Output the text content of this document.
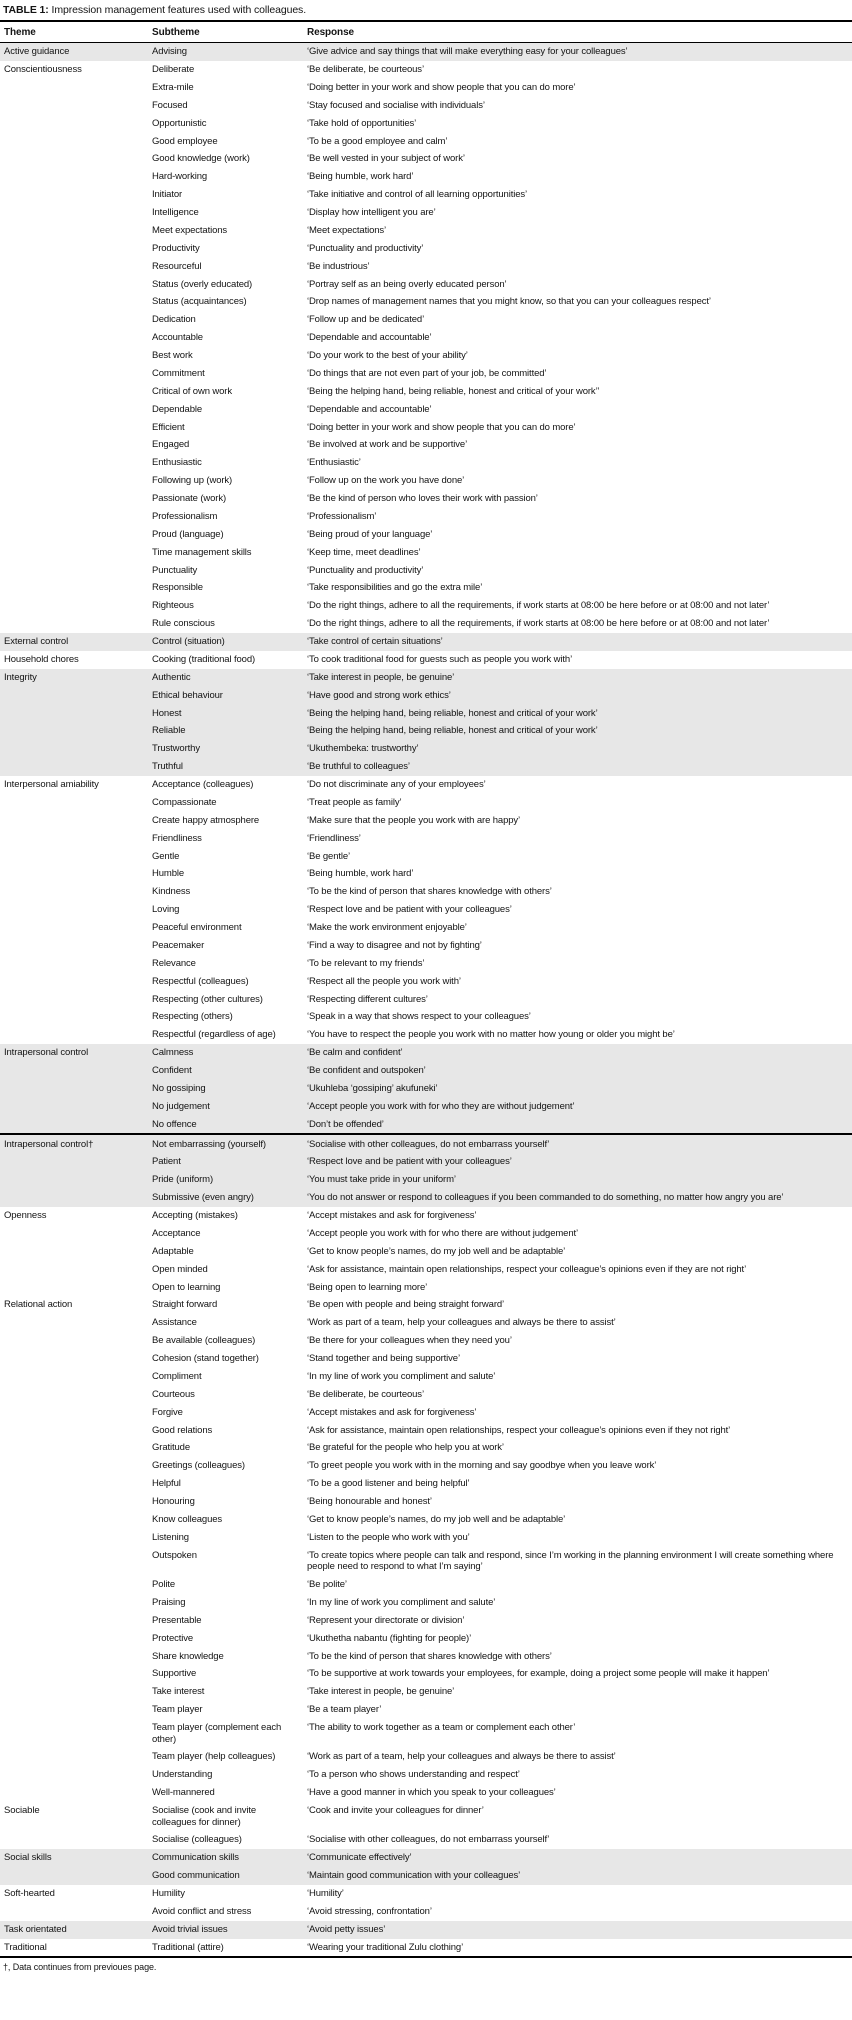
TABLE 1: Impression management features used with colleagues.
Theme	Subtheme	Response
Active guidance	Advising	‘Give advice and say things that will make everything easy for your colleagues’
Conscientiousness	Deliberate	‘Be deliberate, be courteous’
	Extra-mile	‘Doing better in your work and show people that you can do more’
	Focused	‘Stay focused and socialise with individuals’
	Opportunistic	‘Take hold of opportunities’
	Good employee	‘To be a good employee and calm’
	Good knowledge (work)	‘Be well vested in your subject of work’
	Hard-working	‘Being humble, work hard’
	Initiator	‘Take initiative and control of all learning opportunities’
	Intelligence	‘Display how intelligent you are’
	Meet expectations	‘Meet expectations’
	Productivity	‘Punctuality and productivity’
	Resourceful	‘Be industrious’
	Status (overly educated)	‘Portray self as an being overly educated person’
	Status (acquaintances)	‘Drop names of management names that you might know, so that you can your colleagues respect’
	Dedication	‘Follow up and be dedicated’
	Accountable	‘Dependable and accountable’
	Best work	‘Do your work to the best of your ability’
	Commitment	‘Do things that are not even part of your job, be committed’
	Critical of own work	‘Being the helping hand, being reliable, honest and critical of your work’’
	Dependable	‘Dependable and accountable’
	Efficient	‘Doing better in your work and show people that you can do more’
	Engaged	‘Be involved at work and be supportive’
	Enthusiastic	‘Enthusiastic’
	Following up (work)	‘Follow up on the work you have done’
	Passionate (work)	‘Be the kind of person who loves their work with passion’
	Professionalism	‘Professionalism’
	Proud (language)	‘Being proud of your language’
	Time management skills	‘Keep time, meet deadlines’
	Punctuality	‘Punctuality and productivity’
	Responsible	‘Take responsibilities and go the extra mile’
	Righteous	‘Do the right things, adhere to all the requirements, if work starts at 08:00 be here before or at 08:00 and not later’
	Rule conscious	‘Do the right things, adhere to all the requirements, if work starts at 08:00 be here before or at 08:00 and not later’
External control	Control (situation)	‘Take control of certain situations’
Household chores	Cooking (traditional food)	‘To cook traditional food for guests such as people you work with’
Integrity	Authentic	‘Take interest in people, be genuine’
	Ethical behaviour	‘Have good and strong work ethics’
	Honest	‘Being the helping hand, being reliable, honest and critical of your work’
	Reliable	‘Being the helping hand, being reliable, honest and critical of your work’
	Trustworthy	‘Ukuthembeka: trustworthy’
	Truthful	‘Be truthful to colleagues’
Interpersonal amiability	Acceptance (colleagues)	‘Do not discriminate any of your employees’
	Compassionate	‘Treat people as family’
	Create happy atmosphere	‘Make sure that the people you work with are happy’
	Friendliness	‘Friendliness’
	Gentle	‘Be gentle’
	Humble	‘Being humble, work hard’
	Kindness	‘To be the kind of person that shares knowledge with others’
	Loving	‘Respect love and be patient with your colleagues’
	Peaceful environment	‘Make the work environment enjoyable’
	Peacemaker	‘Find a way to disagree and not by fighting’
	Relevance	‘To be relevant to my friends’
	Respectful (colleagues)	‘Respect all the people you work with’
	Respecting (other cultures)	‘Respecting different cultures’
	Respecting (others)	‘Speak in a way that shows respect to your colleagues’
	Respectful (regardless of age)	‘You have to respect the people you work with no matter how young or older you might be’
Intrapersonal control	Calmness	‘Be calm and confident’
	Confident	‘Be confident and outspoken’
	No gossiping	‘Ukuhleba ‘gossiping’ akufuneki’
	No judgement	‘Accept people you work with for who they are without judgement’
	No offence	‘Don’t be offended’
Intrapersonal control†	Not embarrassing (yourself)	‘Socialise with other colleagues, do not embarrass yourself’
	Patient	‘Respect love and be patient with your colleagues’
	Pride (uniform)	‘You must take pride in your uniform’
	Submissive (even angry)	‘You do not answer or respond to colleagues if you been commanded to do something, no matter how angry you are’
Openness	Accepting (mistakes)	‘Accept mistakes and ask for forgiveness’
	Acceptance	‘Accept people you work with for who there are without judgement’
	Adaptable	‘Get to know people’s names, do my job well and be adaptable’
	Open minded	‘Ask for assistance, maintain open relationships, respect your colleague’s opinions even if they are not right’
	Open to learning	‘Being open to learning more’
Relational action	Straight forward	‘Be open with people and being straight forward’
	Assistance	‘Work as part of a team, help your colleagues and always be there to assist’
	Be available (colleagues)	‘Be there for your colleagues when they need you’
	Cohesion (stand together)	‘Stand together and being supportive’
	Compliment	‘In my line of work you compliment and salute’
	Courteous	‘Be deliberate, be courteous’
	Forgive	‘Accept mistakes and ask for forgiveness’
	Good relations	‘Ask for assistance, maintain open relationships, respect your colleague’s opinions even if they not right’
	Gratitude	‘Be grateful for the people who help you at work’
	Greetings (colleagues)	‘To greet people you work with in the morning and say goodbye when you leave work’
	Helpful	‘To be a good listener and being helpful’
	Honouring	‘Being honourable and honest’
	Know colleagues	‘Get to know people’s names, do my job well and be adaptable’
	Listening	‘Listen to the people who work with you’
	Outspoken	‘To create topics where people can talk and respond, since I’m working in the planning environment I will create something where people need to respond to what I’m saying’
	Polite	‘Be polite’
	Praising	‘In my line of work you compliment and salute’
	Presentable	‘Represent your directorate or division’
	Protective	‘Ukuthetha nabantu (fighting for people)’
	Share knowledge	‘To be the kind of person that shares knowledge with others’
	Supportive	‘To be supportive at work towards your employees, for example, doing a project some people will make it happen’
	Take interest	‘Take interest in people, be genuine’
	Team player	‘Be a team player’
	Team player (complement each other)	‘The ability to work together as a team or complement each other’
	Team player (help colleagues)	‘Work as part of a team, help your colleagues and always be there to assist’
	Understanding	‘To a person who shows understanding and respect’
	Well-mannered	‘Have a good manner in which you speak to your colleagues’
Sociable	Socialise (cook and invite colleagues for dinner)	‘Cook and invite your colleagues for dinner’
	Socialise (colleagues)	‘Socialise with other colleagues, do not embarrass yourself’
Social skills	Communication skills	‘Communicate effectively’
	Good communication	‘Maintain good communication with your colleagues’
Soft-hearted	Humility	‘Humility’
	Avoid conflict and stress	‘Avoid stressing, confrontation’
Task orientated	Avoid trivial issues	‘Avoid petty issues’
Traditional	Traditional (attire)	‘Wearing your traditional Zulu clothing’
†, Data continues from previoues page.
